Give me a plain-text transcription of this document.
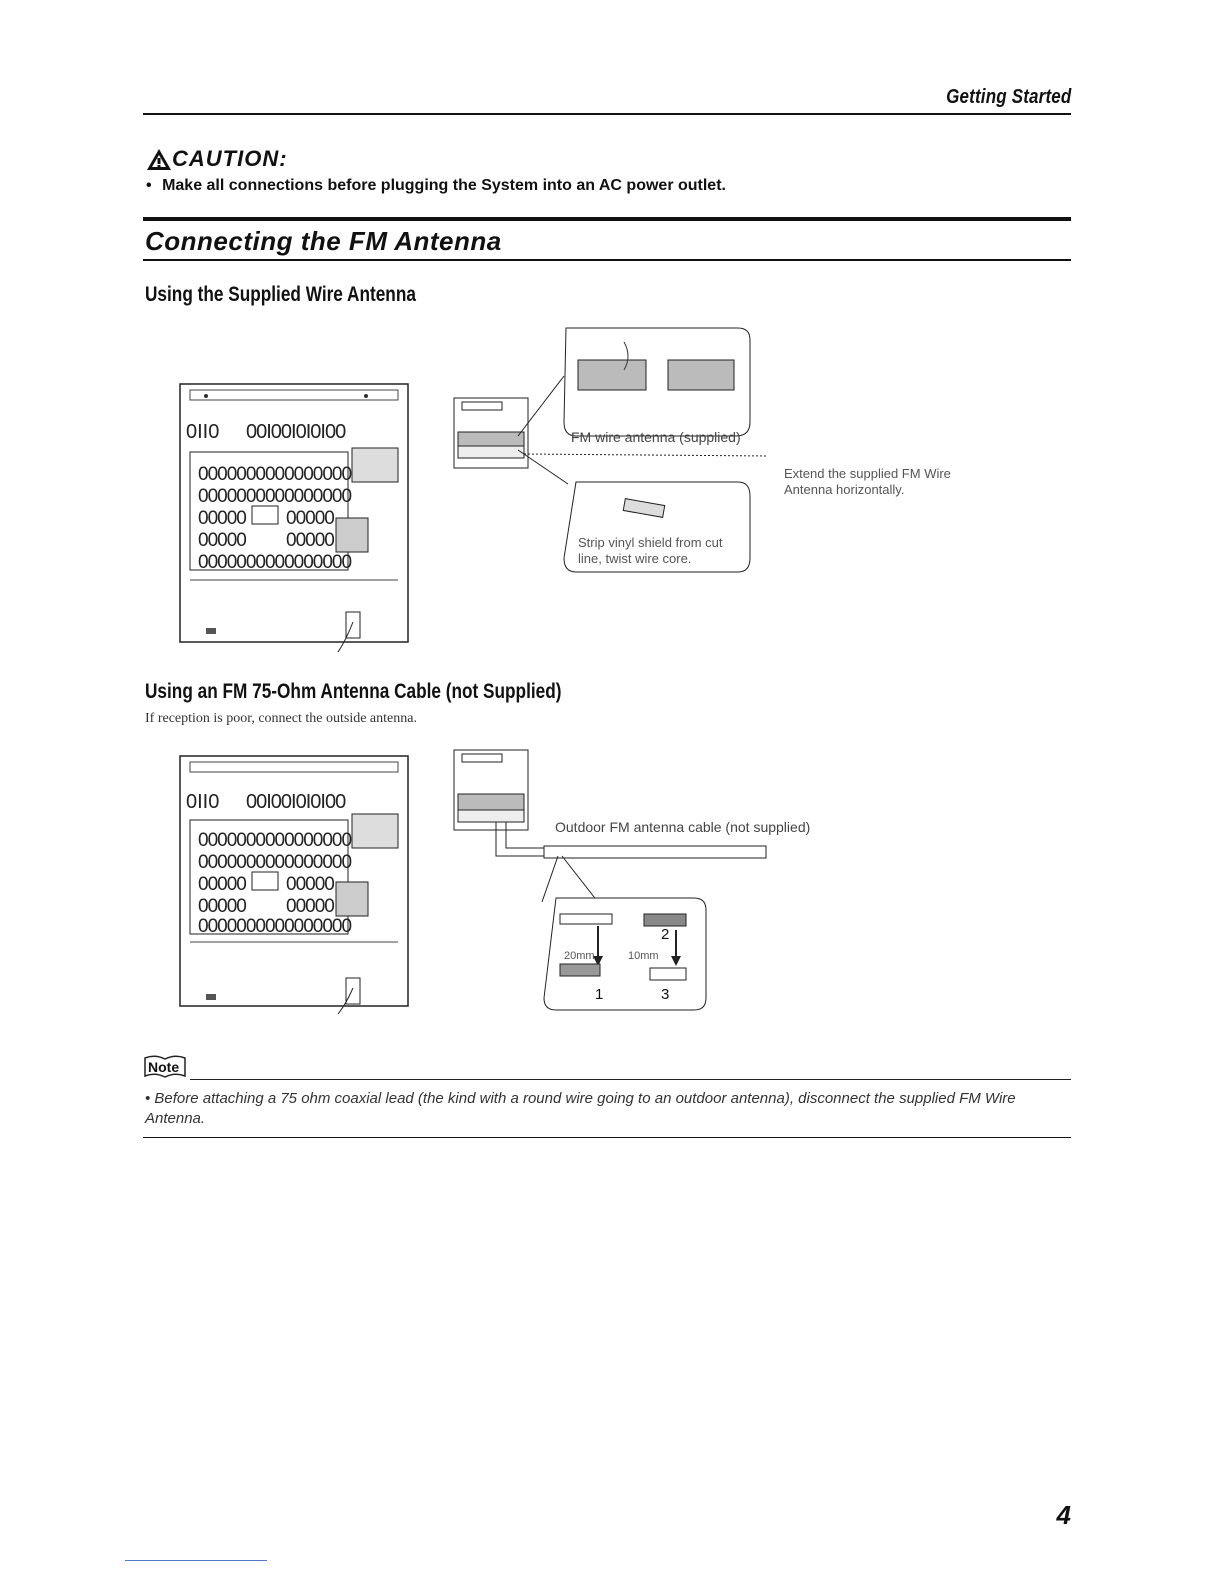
Getting Started
CAUTION:
• Make all connections before plugging the System into an AC power outlet.
Connecting the FM Antenna
Using the Supplied Wire Antenna
0II0 00I00I0I0I00
0000000000000000
0000000000000000
00000 00000
00000 00000
0000000000000000
FM wire antenna (supplied)
Extend the supplied FM Wire
Antenna horizontally.
Strip vinyl shield from cut
line, twist wire core.
Using an FM 75-Ohm Antenna Cable (not Supplied)
If reception is poor, connect the outside antenna.
0II0 00I00I0I0I00
0000000000000000
0000000000000000
00000 00000
00000 00000
0000000000000000
Outdoor FM antenna cable (not supplied)
20mm	10mm
1
2
3
Note
• Before attaching a 75 ohm coaxial lead (the kind with a round wire going to an outdoor antenna), disconnect the supplied FM Wire Antenna.
4
